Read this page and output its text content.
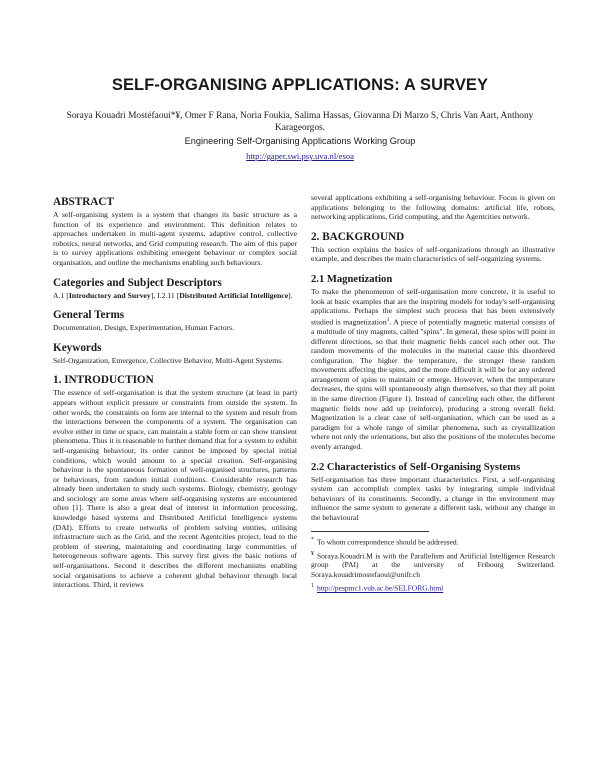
SELF-ORGANISING APPLICATIONS: A SURVEY

Soraya Kouadri Mostéfaoui*¥, Omer F Rana, Noria Foukia, Salima Hassas, Giovanna Di Marzo S, Chris Van Aart, Anthony Karageorgos.

Engineering Self-Organising Applications Working Group

http://gaper.swi.psy.uva.nl/esoa

ABSTRACT

A self-organising system is a system that changes its basic structure as a function of its experience and environment. This definition relates to approaches undertaken in multi-agent systems, adaptive control, collective robotics, neural networks, and Grid computing research. The aim of this paper is to survey applications exhibiting emergent behaviour or complex social organisation, and outline the mechanisms enabling such behaviours.

Categories and Subject Descriptors

A.1 [Introductory and Survey], I.2.11 [Distributed Artificial Intelligence].

General Terms

Documentation, Design, Experimentation, Human Factors.

Keywords

Self-Organization, Emergence, Collective Behavior, Multi-Agent Systems.

1. INTRODUCTION

The essence of self-organisation is that the system structure (at least in part) appears without explicit pressure or constraints from outside the system. In other words, the constraints on form are internal to the system and result from the interactions between the components of a system. The organisation can evolve either in time or space, can maintain a stable form or can show transient phenomena. Thus it is reasonable to further demand that for a system to exhibit self-organising behaviour, its order cannot be imposed by special initial conditions, which would amount to a special creation. Self-organising behaviour is the spontaneous formation of well-organised structures, patterns or behaviours, from random initial conditions. Considerable research has already been undertaken to study such systems. Biology, chemistry, geology and sociology are some areas where self-organising systems are encountered often [1]. There is also a great deal of interest in information processing, knowledge based systems and Distributed Artificial Intelligence systems (DAI). Efforts to create networks of problem solving entities, utilising infrastructure such as the Grid, and the recent Agentcities project, lead to the problem of steering, maintaining and coordinating large communities of heterogeneous software agents. This survey first gives the basic notions of self-organisations. Second it describes the different mechanisms enabling social organisations to achieve a coherent global behaviour through local interactions. Third, it reviews

several applications exhibiting a self-organising behaviour. Focus is given on applications belonging to the following domains: artificial life, robots, networking applications, Grid computing, and the Agentcities network.

2. BACKGROUND

This section explains the basics of self-organizations through an illustrative example, and describes the main characteristics of self-organizing systems.

2.1 Magnetization

To make the phenomenon of self-organisation more concrete, it is useful to look at basic examples that are the inspiring models for today's self-organising applications. Perhaps the simplest such process that has been extensively studied is magnetization$^1$. A piece of potentially magnetic material consists of a multitude of tiny magnets, called "spins". In general, these spins will point in different directions, so that their magnetic fields cancel each other out. The random movements of the molecules in the material cause this disordered configuration. The higher the temperature, the stronger these random movements affecting the spins, and the more difficult it will be for any ordered arrangement of spins to maintain or emerge. However, when the temperature decreases, the spins will spontaneously align themselves, so that they all point in the same direction (Figure 1). Instead of canceling each other, the different magnetic fields now add up (reinforce), producing a strong overall field. Magnetization is a clear case of self-organisation, which can be used as a paradigm for a whole range of similar phenomena, such as crystallization where not only the orientations, but also the positions of the molecules become evenly arranged.

2.2 Characteristics of Self-Organising Systems

Self-organisation has three important characteristics. First, a self-organising system can accomplish complex tasks by integrating simple individual behaviours of its constituents. Secondly, a change in the environment may influence the same system to generate a different task, without any change in the behavioural

* To whom correspondence should be addressed.

¥ Soraya.Kouadri.M is with the Parallelism and Artificial Intelligence Research group (PAI) at the university of Fribourg Switzerland. Soraya.kouadrimostefaoui@unifr.ch

$^1$ http://pespmc1.vub.ac.be/SELFORG.html
